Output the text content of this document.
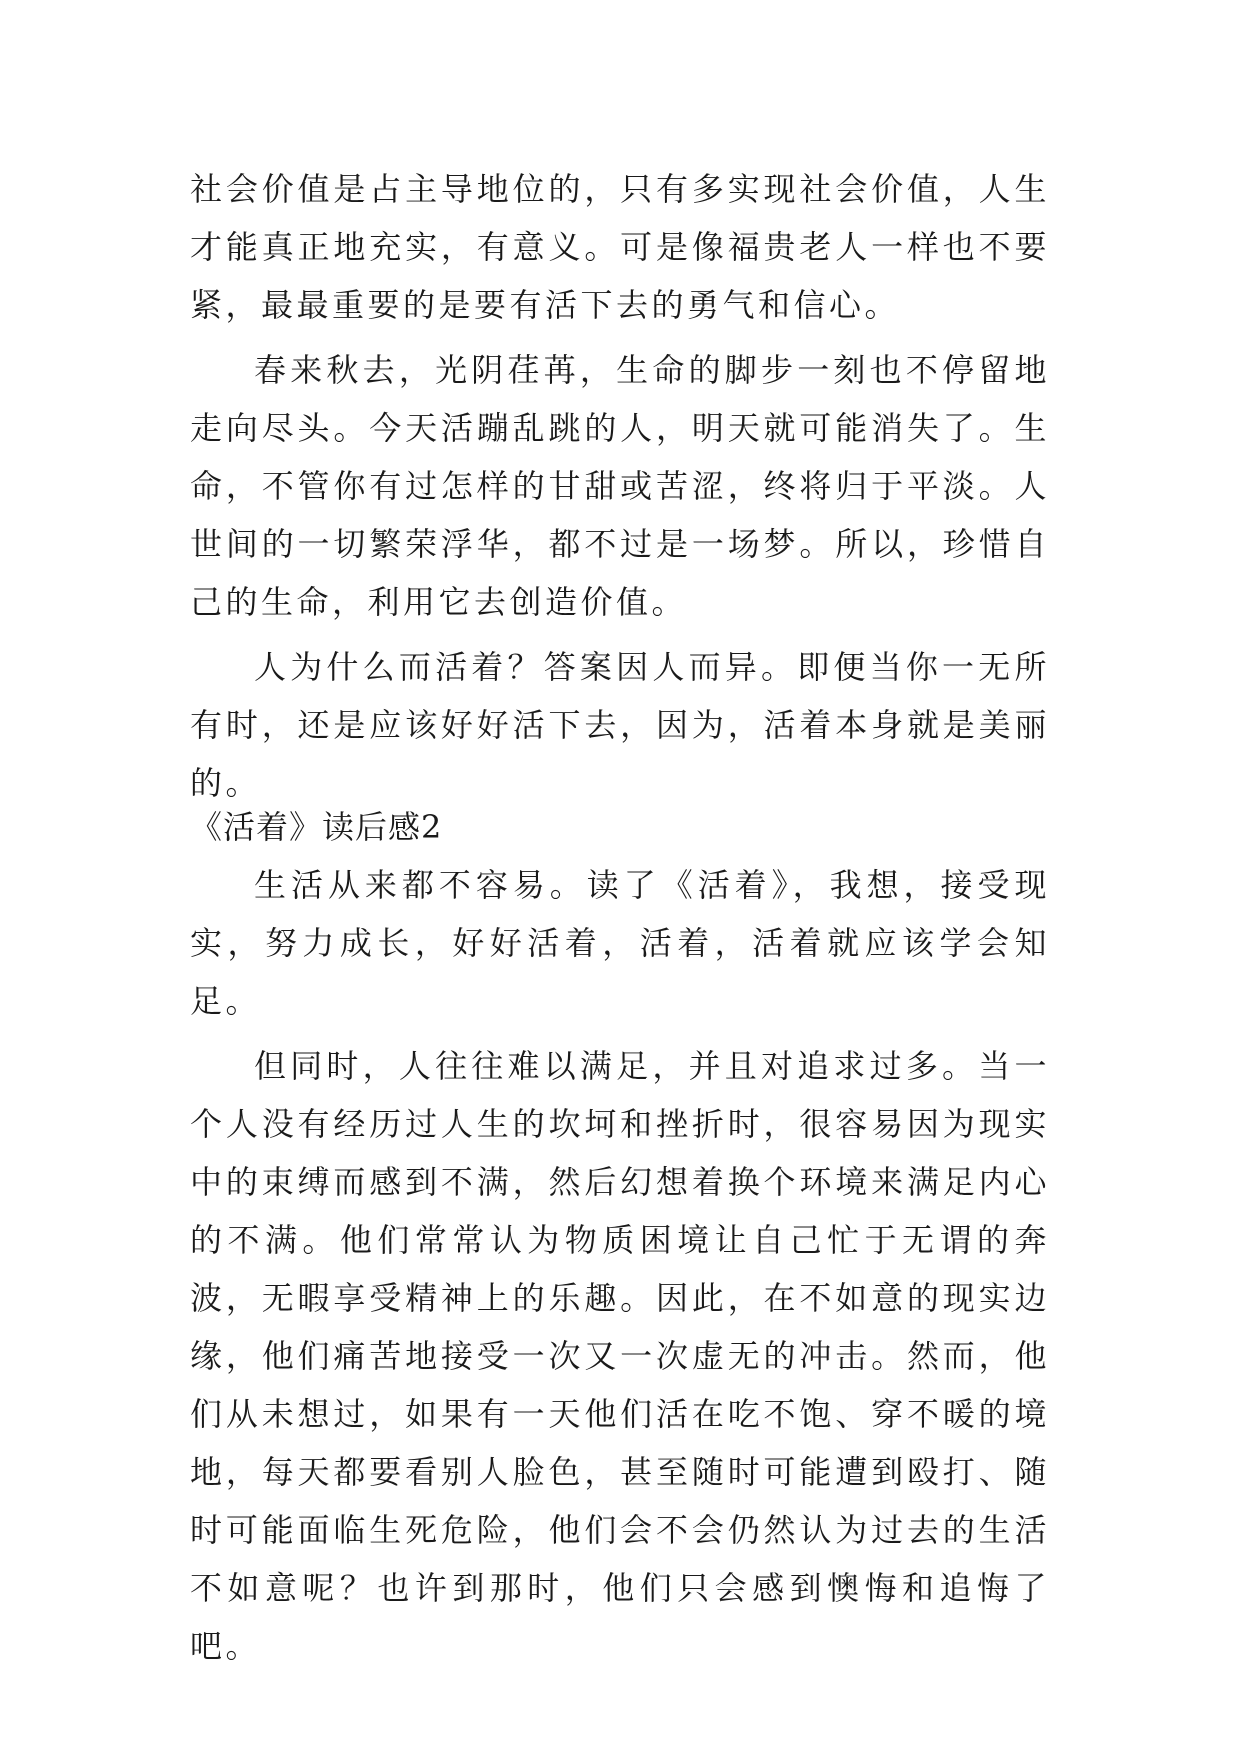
社会价值是占主导地位的，只有多实现社会价值，人生才能真正地充实，有意义。可是像福贵老人一样也不要紧，最最重要的是要有活下去的勇气和信心。

春来秋去，光阴荏苒，生命的脚步一刻也不停留地走向尽头。今天活蹦乱跳的人，明天就可能消失了。生命，不管你有过怎样的甘甜或苦涩，终将归于平淡。人世间的一切繁荣浮华，都不过是一场梦。所以，珍惜自己的生命，利用它去创造价值。

人为什么而活着？答案因人而异。即便当你一无所有时，还是应该好好活下去，因为，活着本身就是美丽的。

《活着》读后感2

生活从来都不容易。读了《活着》，我想，接受现实，努力成长，好好活着，活着，活着就应该学会知足。

但同时，人往往难以满足，并且对追求过多。当一个人没有经历过人生的坎坷和挫折时，很容易因为现实中的束缚而感到不满，然后幻想着换个环境来满足内心的不满。他们常常认为物质困境让自己忙于无谓的奔波，无暇享受精神上的乐趣。因此，在不如意的现实边缘，他们痛苦地接受一次又一次虚无的冲击。然而，他们从未想过，如果有一天他们活在吃不饱、穿不暖的境地，每天都要看别人脸色，甚至随时可能遭到殴打、随时可能面临生死危险，他们会不会仍然认为过去的生活不如意呢？也许到那时，他们只会感到懊悔和追悔了吧。
